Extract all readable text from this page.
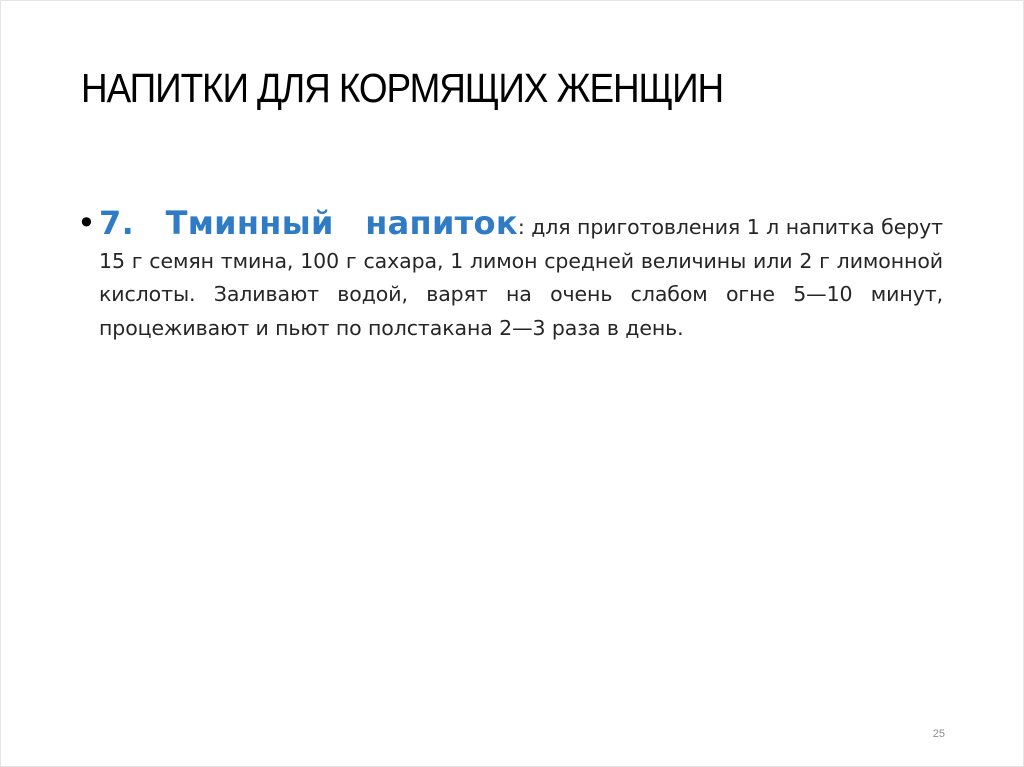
НАПИТКИ ДЛЯ КОРМЯЩИХ ЖЕНЩИН
• 7. Тминный напиток: для приготовления 1 л напитка берут 15 г семян тмина, 100 г сахара, 1 лимон средней величины или 2 г лимонной кислоты. Заливают водой, варят на очень слабом огне 5—10 минут, процеживают и пьют по полстакана 2—3 раза в день.

25
